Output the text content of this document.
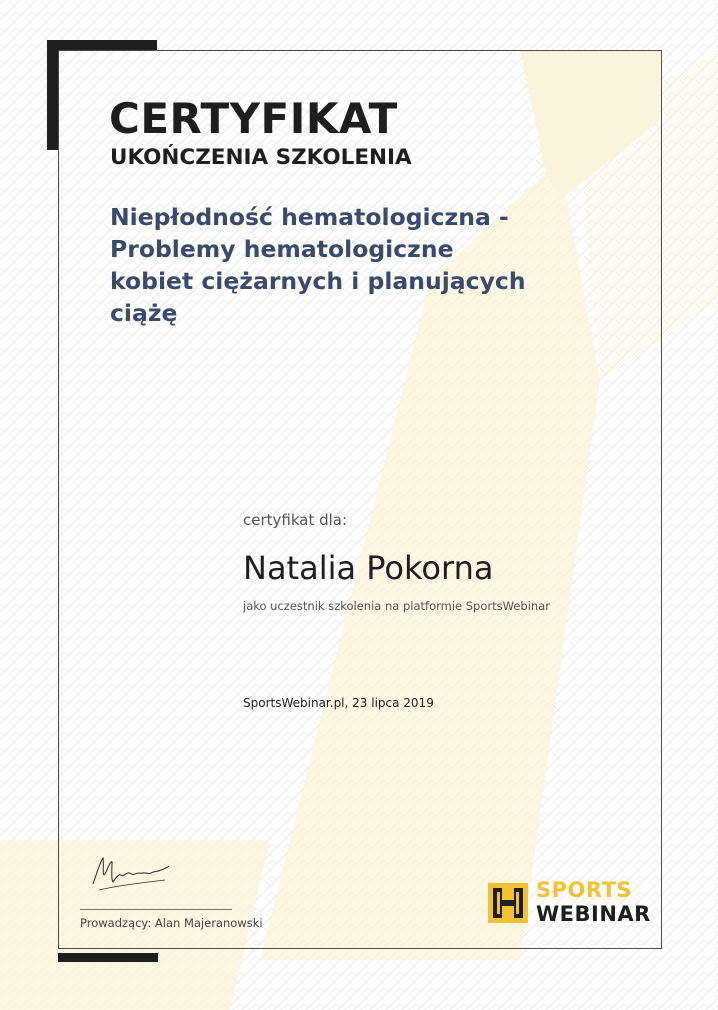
CERTYFIKAT
UKOŃCZENIA SZKOLENIA
Niepłodność hematologiczna - Problemy hematologiczne kobiet ciężarnych i planujących ciążę
certyfikat dla:
Natalia Pokorna
jako uczestnik szkolenia na platformie SportsWebinar
SportsWebinar.pl, 23 lipca 2019
Prowadzący: Alan Majeranowski
SPORTS
WEBINAR
